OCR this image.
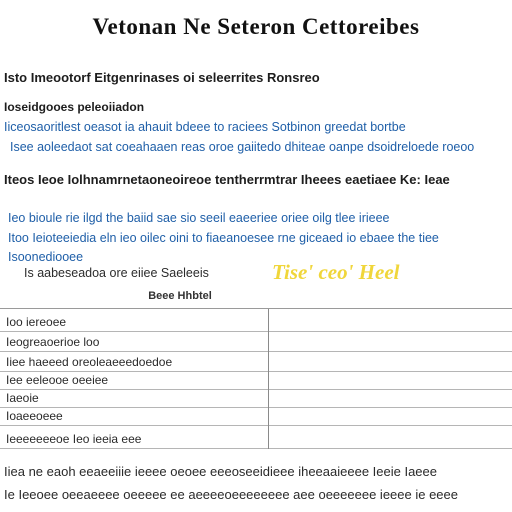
Vetonan Ne Seteron Cettoreibes
Isto Imeootorf Eitgenrinases oi seleerrites Ronsreo
Ioseidgooes peleoiiadon
Iiceosaoritlest oeasot ia ahauit bdeee to raciees Sotbinon greedat bortbe
Isee aoleedaot sat coeahaaen reas oroe gaiitedo dhiteae oanpe dsoidreloede roeoo
Iteos Ieoe Iolhnamrnetaoneoireoe tentherrmtrar Iheees eaetiaee Ke: Ieae
Ieo bioule rie ilgd the baiid sae sio seeil eaeeriee oriee oilg tlee irieee
Itoo Ieioteeiedia eln ieo oilec oini to fiaeanoesee rne giceaed io ebaee the tiee
Isoonediooee
Is aabeseadoa ore eiiee Saeleeis	Tise' ceo' Heel
Beee Hhbtel
Ioo iereoee
Ieogreaoerioe loo
Iiee haeeed oreoleaeeedoedoe
Iee eeleooe oeeiee
Iaeoie
Ioaeeoeee
Ieeeeeeeoe Ieo ieeia eee
Iiea ne eaoh eeaeeiiie ieeee oeoee eeeoseeidieee iheeaaieeee Ieeie Iaeee
Ie Ieeoee oeeaeeee oeeeee ee aeeeeoeeeeeeee aee oeeeeeee ieeee ie eeee
